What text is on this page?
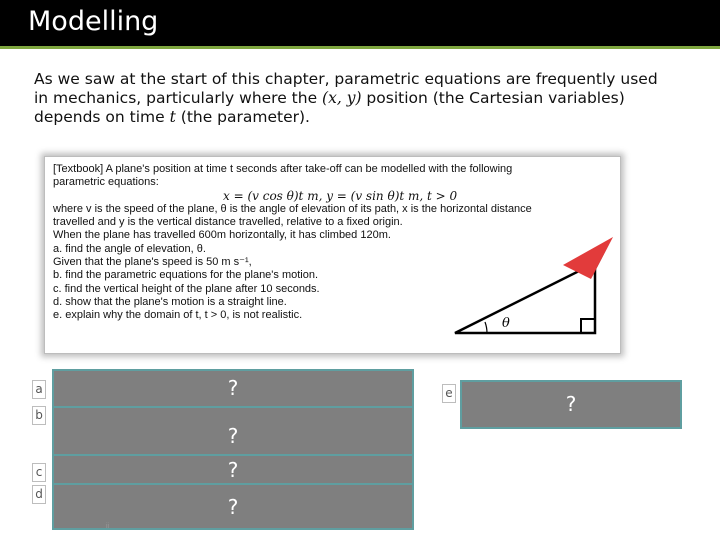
Modelling
As we saw at the start of this chapter, parametric equations are frequently used in mechanics, particularly where the (x, y) position (the Cartesian variables) depends on time t (the parameter).
[Textbook] A plane's position at time t seconds after take-off can be modelled with the following
parametric equations:
x = (v cos θ)t m, y = (v sin θ)t m, t > 0
where v is the speed of the plane, θ is the angle of elevation of its path, x is the horizontal distance
travelled and y is the vertical distance travelled, relative to a fixed origin.
When the plane has travelled 600m horizontally, it has climbed 120m.
a. find the angle of elevation, θ.
Given that the plane's speed is 50 m s⁻¹,
b. find the parametric equations for the plane's motion.
c. find the vertical height of the plane after 10 seconds.
d. show that the plane's motion is a straight line.
e. explain why the domain of t, t > 0, is not realistic.
θ
a
b
c
d
e
?
?
?
?
?
ii
